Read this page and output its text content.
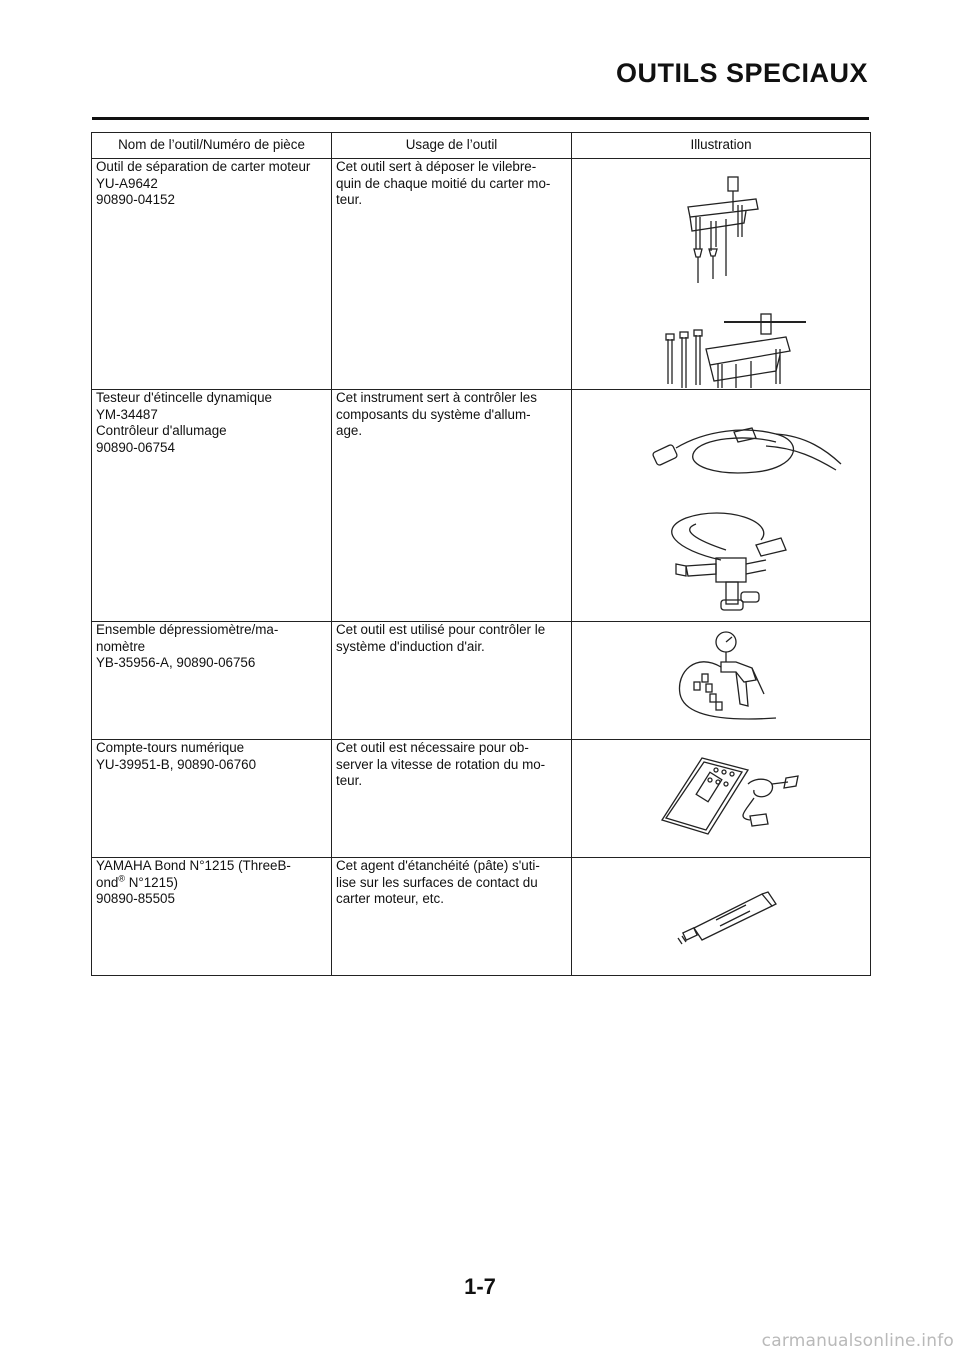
OUTILS SPECIAUX
Nom de l’outil/Numéro de pièce	Usage de l’outil	Illustration

Outil de séparation de carter moteur
YU-A9642
90890-04152	Cet outil sert à déposer le vilebre-
quin de chaque moitié du carter mo-
teur.

Testeur d'étincelle dynamique
YM-34487
Contrôleur d'allumage
90890-06754	Cet instrument sert à contrôler les
composants du système d'allum-
age.

Ensemble dépressiomètre/ma-
nomètre
YB-35956-A, 90890-06756	Cet outil est utilisé pour contrôler le
système d'induction d'air.

Compte-tours numérique
YU-39951-B, 90890-06760	Cet outil est nécessaire pour ob-
server la vitesse de rotation du mo-
teur.

YAMAHA Bond N°1215 (ThreeB-
ond® N°1215)
90890-85505	Cet agent d'étanchéité (pâte) s'uti-
lise sur les surfaces de contact du
carter moteur, etc.

1-7
carmanualsonline.info
